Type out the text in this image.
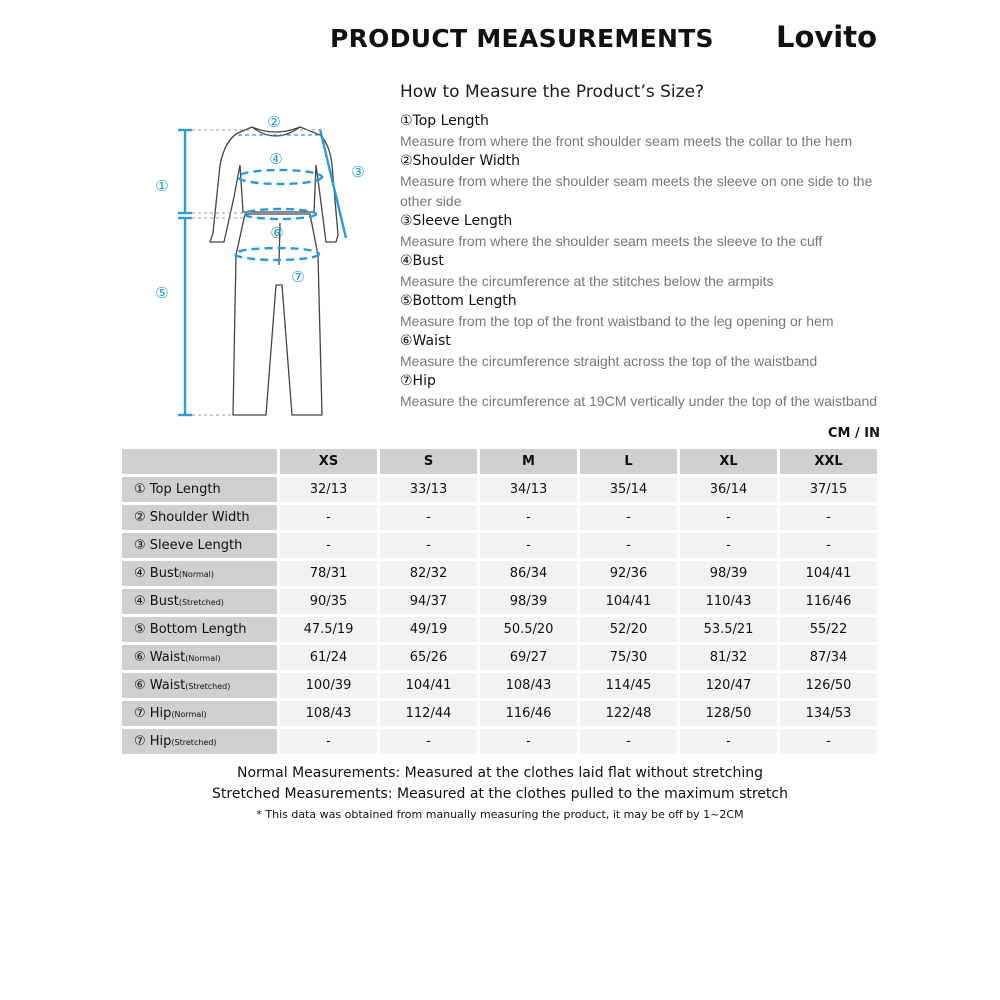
PRODUCT MEASUREMENTS Lovito
①
②
③
④
⑤
⑥
⑦
How to Measure the Product’s Size?
①Top Length
Measure from where the front shoulder seam meets the collar to the hem
②Shoulder Width
Measure from where the shoulder seam meets the sleeve on one side to the other side
③Sleeve Length
Measure from where the shoulder seam meets the sleeve to the cuff
④Bust
Measure the circumference at the stitches below the armpits
⑤Bottom Length
Measure from the top of the front waistband to the leg opening or hem
⑥Waist
Measure the circumference straight across the top of the waistband
⑦Hip
Measure the circumference at 19CM vertically under the top of the waistband
CM / IN
	XS	S	M	L	XL	XXL
① Top Length	32/13	33/13	34/13	35/14	36/14	37/15
② Shoulder Width	-	-	-	-	-	-
③ Sleeve Length	-	-	-	-	-	-
④ Bust(Normal)	78/31	82/32	86/34	92/36	98/39	104/41
④ Bust(Stretched)	90/35	94/37	98/39	104/41	110/43	116/46
⑤ Bottom Length	47.5/19	49/19	50.5/20	52/20	53.5/21	55/22
⑥ Waist(Normal)	61/24	65/26	69/27	75/30	81/32	87/34
⑥ Waist(Stretched)	100/39	104/41	108/43	114/45	120/47	126/50
⑦ Hip(Normal)	108/43	112/44	116/46	122/48	128/50	134/53
⑦ Hip(Stretched)	-	-	-	-	-	-
Normal Measurements: Measured at the clothes laid flat without stretching
Stretched Measurements: Measured at the clothes pulled to the maximum stretch
* This data was obtained from manually measuring the product, it may be off by 1~2CM
